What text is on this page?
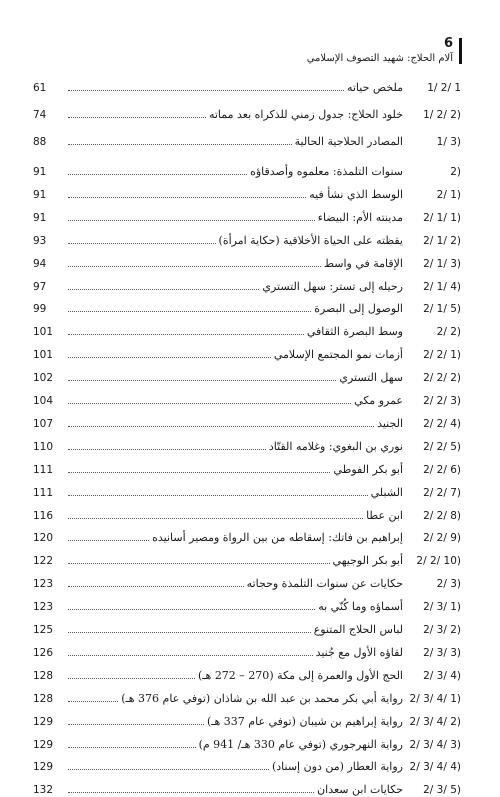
6
آلام الحلاج: شهيد التصوف الإسلامي
61	ملخص حياته	1/ 2/ 1
74	خلود الحلاج: جدول زمني للذكراه بعد مماته	1/ 2/ 2)
88	المصادر الحلاجية الحالية	1/ 3)
91	سنوات التلمذة: معلموه وأصدقاؤه	2)
91	الوسط الذي نشأ فيه	2/ 1)
91	مدينته الأم: البيضاء	2/ 1/ 1)
93	يقظته على الحياة الأخلاقية (حكاية امرأة)	2/ 1/ 2)
94	الإقامة في واسط	2/ 1/ 3)
97	رحيله إلى تستر: سهل التستري	2/ 1/ 4)
99	الوصول إلى البصرة	2/ 1/ 5)
101	وسط البصرة الثقافي	2/ 2)
101	أزمات نمو المجتمع الإسلامي	2/ 2/ 1)
102	سهل التستري	2/ 2/ 2)
104	عمرو مكي	2/ 2/ 3)
107	الجنيد	2/ 2/ 4)
110	نوري بن البغوي: وغلامه القتّاد	2/ 2/ 5)
111	أبو بكر الفوطي	2/ 2/ 6)
111	الشبلي	2/ 2/ 7)
116	ابن عطا	2/ 2/ 8)
120	إبراهيم بن فاتك: إسقاطه من بين الرواة ومصير أسانيده	2/ 2/ 9)
122	أبو بكر الوجيهي	2/ 2/ 10)
123	حكايات عن سنوات التلمذة وحجاته	2/ 3)
123	أسماؤه وما كُنّي به	2/ 3/ 1)
125	لباس الحلاج المتنوع	2/ 3/ 2)
126	لقاؤه الأول مع جُنيد	2/ 3/ 3)
128	الحج الأول والعمرة إلى مكة (270 – 272 هـ)	2/ 3/ 4)
128	رواية أبي بكر محمد بن عبد الله بن شاذان (توفي عام 376 هـ) 2/ 3/ 4/ 1)
129	رواية إبراهيم بن شيبان (توفي عام 337 هـ) 2/ 3/ 4/ 2)
129	رواية النهرجوري (توفي عام 330 هـ/ 941 م) 2/ 3/ 4/ 3)
129	رواية العطار (من دون إسناد) 2/ 3/ 4/ 4)
132	حكايات ابن سعدان	2/ 3/ 5)
